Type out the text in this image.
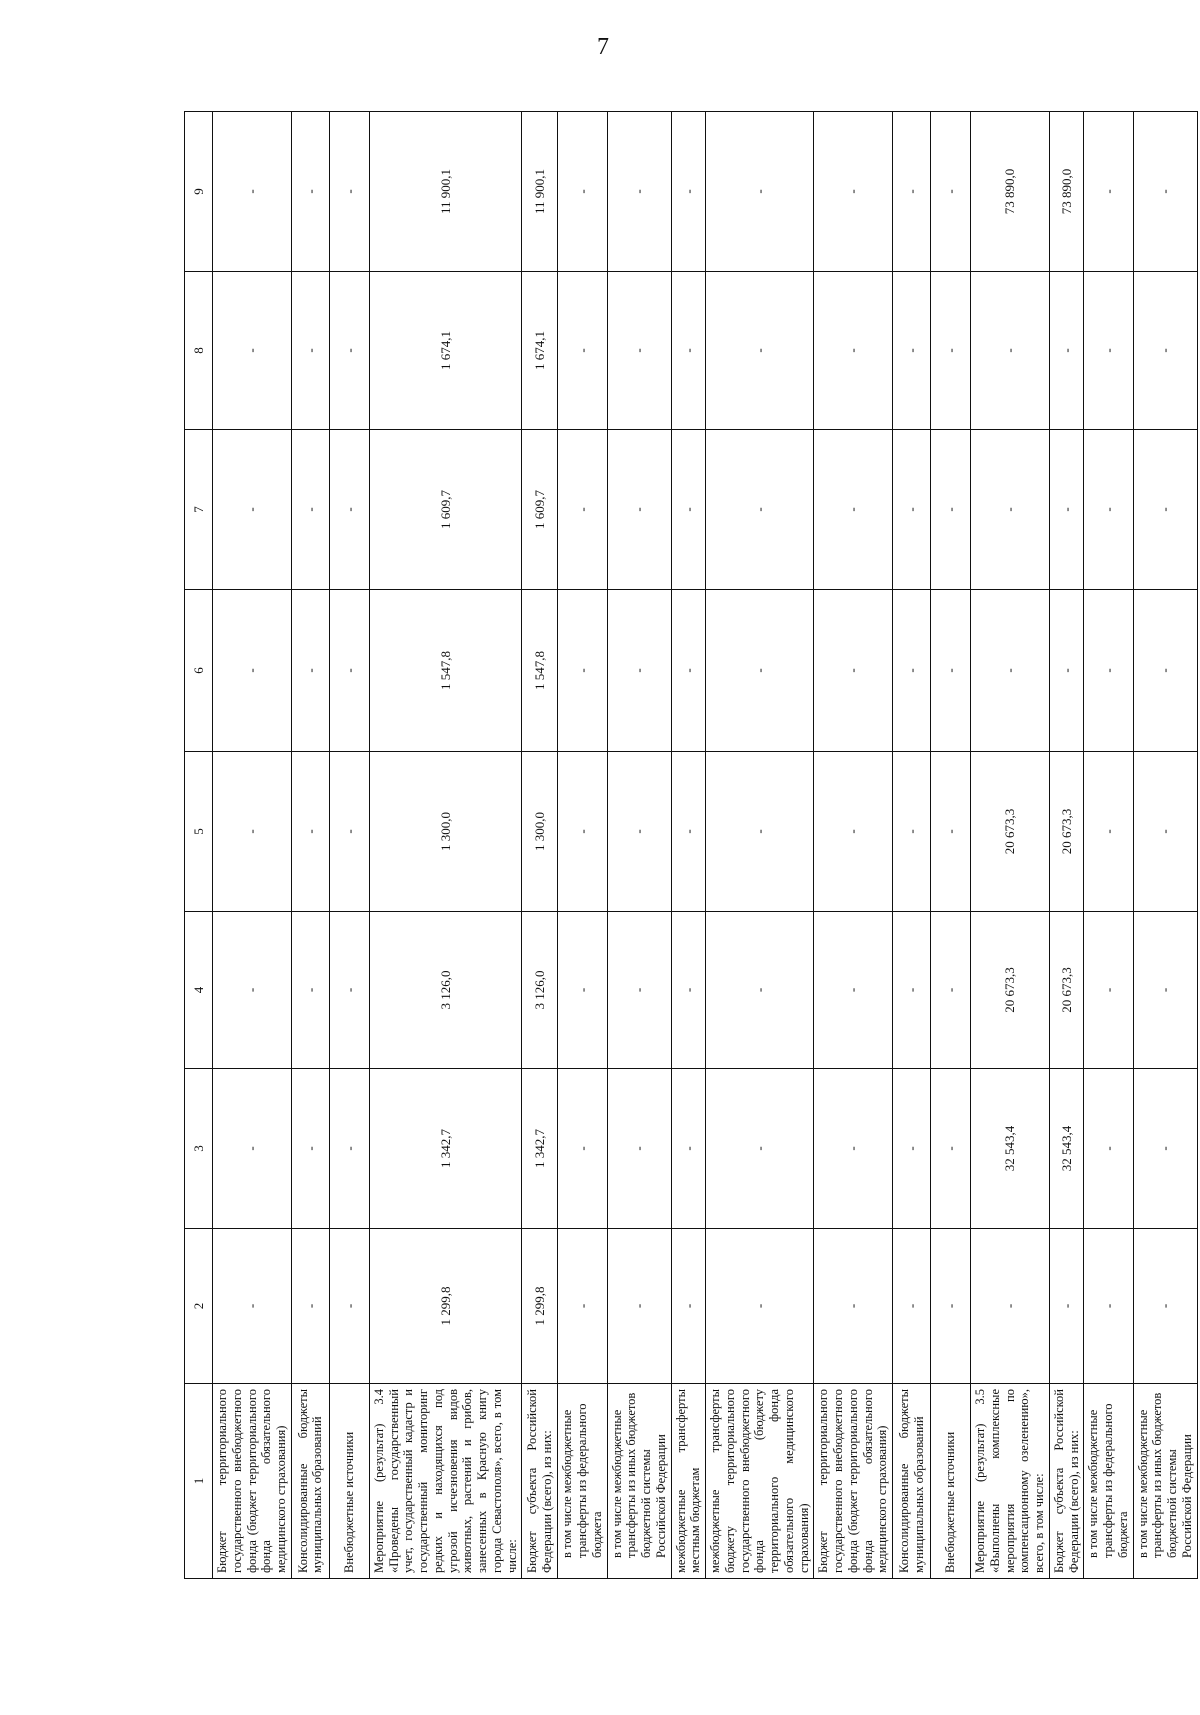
7
1	2	3	4	5	6	7	8	9
Бюджет территориального государственного внебюджетного фонда (бюджет территориального фонда обязательного медицинского страхования)	-	-	-	-	-	-	-	-
Консолидированные бюджеты муниципальных образований	-	-	-	-	-	-	-	-
Внебюджетные источники	-	-	-	-	-	-	-	-
Мероприятие (результат) 3.4 «Проведены государственный учет, государственный кадастр и государственный мониторинг редких и находящихся под угрозой исчезновения видов животных, растений и грибов, занесенных в Красную книгу города Севастополя», всего, в том числе:	1 299,8	1 342,7	3 126,0	1 300,0	1 547,8	1 609,7	1 674,1	11 900,1
Бюджет субъекта Российской Федерации (всего), из них:	1 299,8	1 342,7	3 126,0	1 300,0	1 547,8	1 609,7	1 674,1	11 900,1
в том числе межбюджетные трансферты из федерального бюджета	-	-	-	-	-	-	-	-
в том числе межбюджетные трансферты из иных бюджетов бюджетной системы Российской Федерации	-	-	-	-	-	-	-	-
межбюджетные трансферты местным бюджетам	-	-	-	-	-	-	-	-
межбюджетные трансферты бюджету территориального государственного внебюджетного фонда (бюджету территориального фонда обязательного медицинского страхования)	-	-	-	-	-	-	-	-
Бюджет территориального государственного внебюджетного фонда (бюджет территориального фонда обязательного медицинского страхования)	-	-	-	-	-	-	-	-
Консолидированные бюджеты муниципальных образований	-	-	-	-	-	-	-	-
Внебюджетные источники	-	-	-	-	-	-	-	-
Мероприятие (результат) 3.5 «Выполнены комплексные мероприятия по компенсационному озеленению», всего, в том числе:	-	32 543,4	20 673,3	20 673,3	-	-	-	73 890,0
Бюджет субъекта Российской Федерации (всего), из них:	-	32 543,4	20 673,3	20 673,3	-	-	-	73 890,0
в том числе межбюджетные трансферты из федерального бюджета	-	-	-	-	-	-	-	-
в том числе межбюджетные трансферты из иных бюджетов бюджетной системы Российской Федерации	-	-	-	-	-	-	-	-
